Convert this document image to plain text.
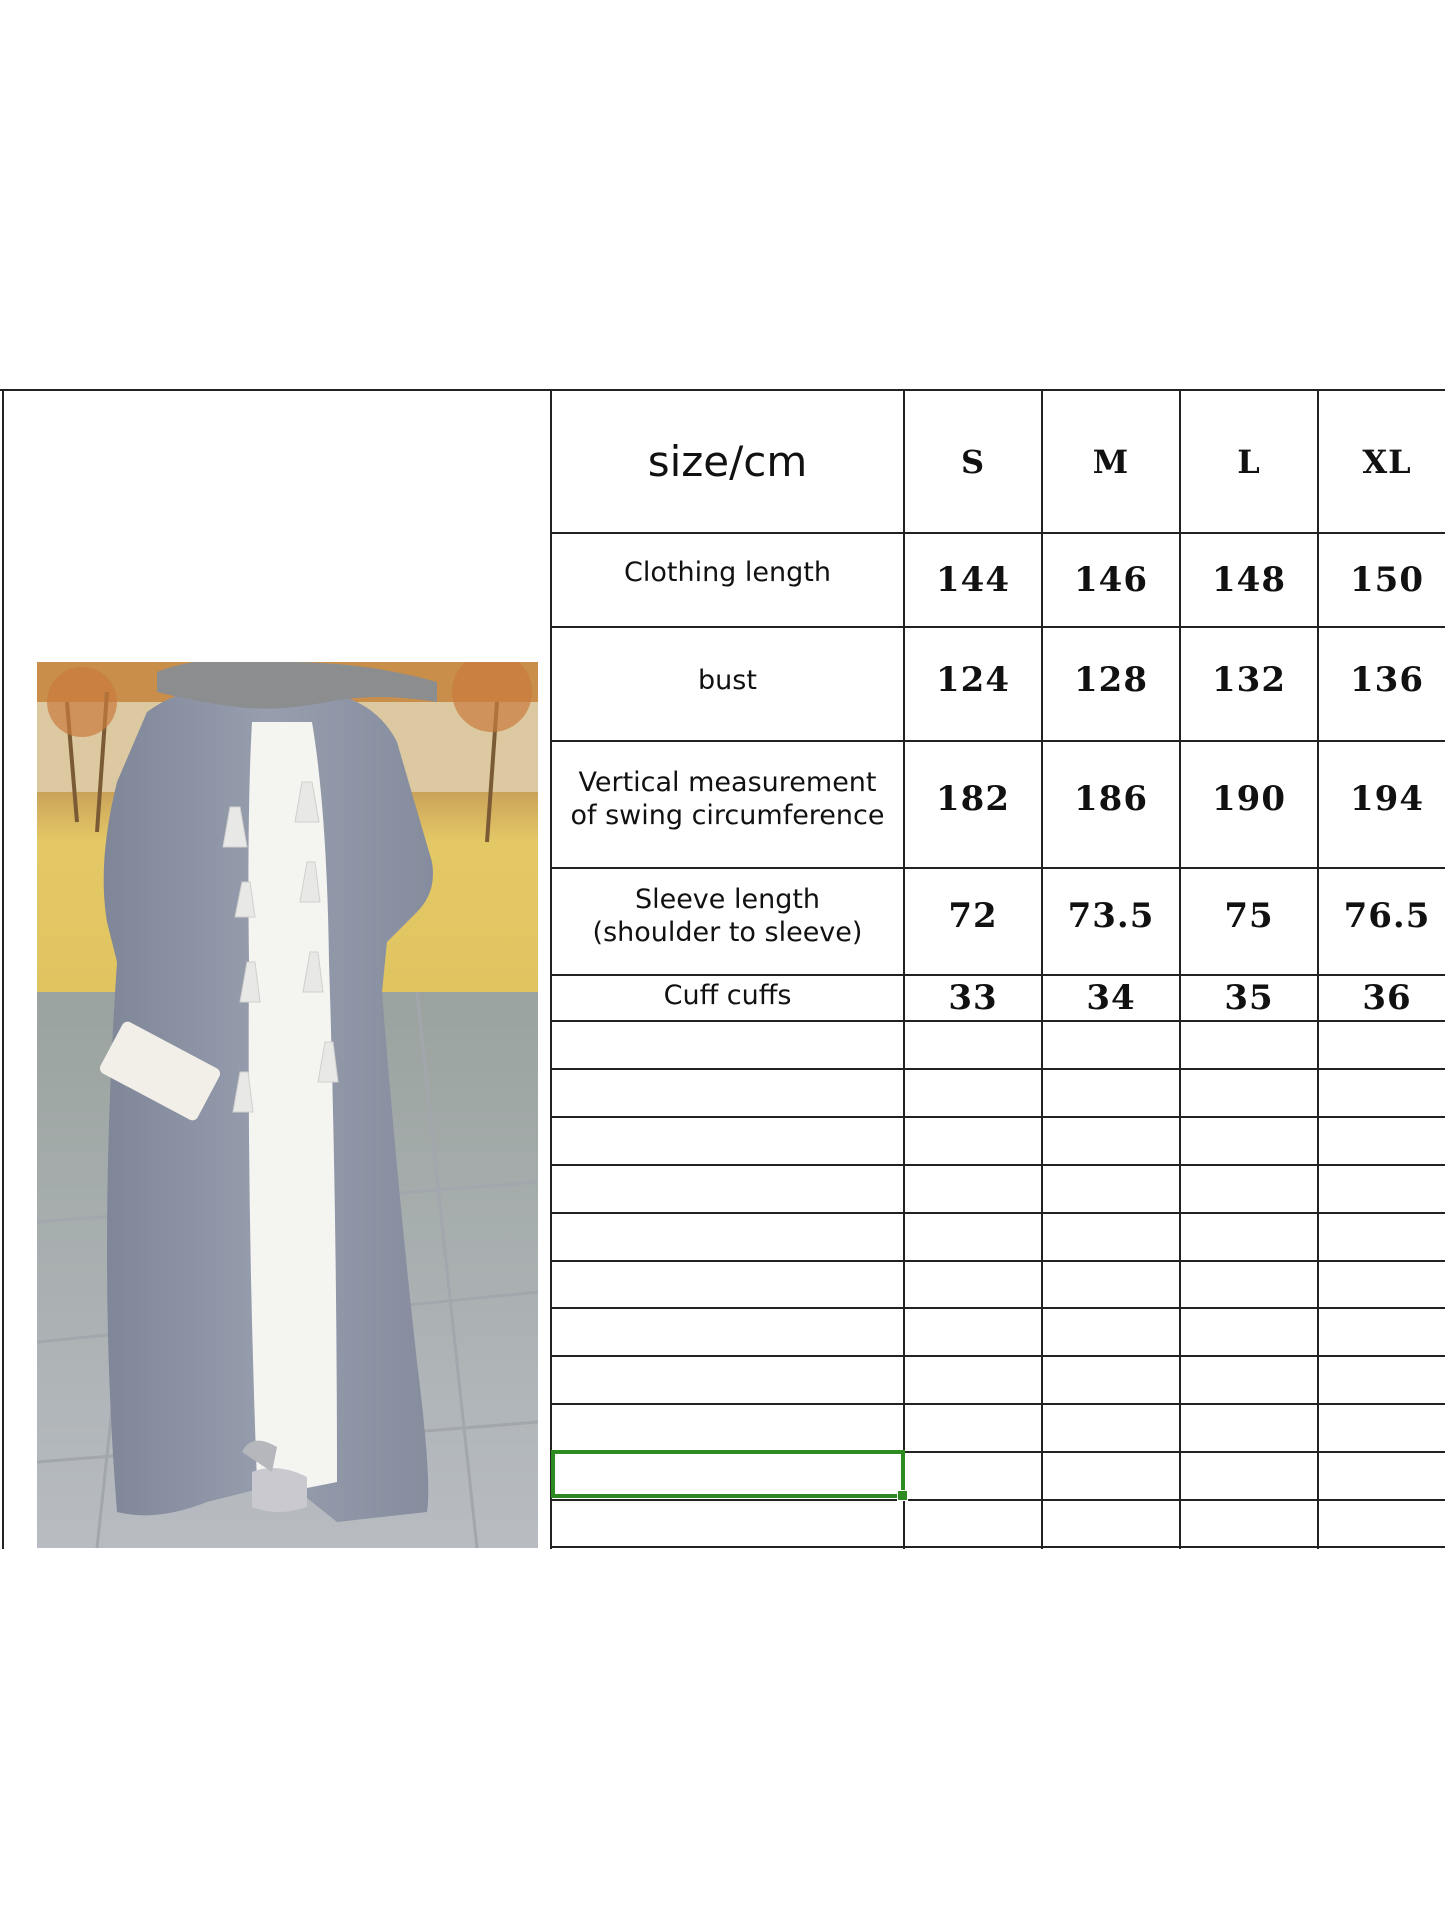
size/cm	S	M	L	XL
Clothing length	144	146	148	150
bust	124	128	132	136
Vertical measurement
of swing circumference	182	186	190	194
Sleeve length
(shoulder to sleeve)	72	73.5	75	76.5
Cuff cuffs	33	34	35	36
